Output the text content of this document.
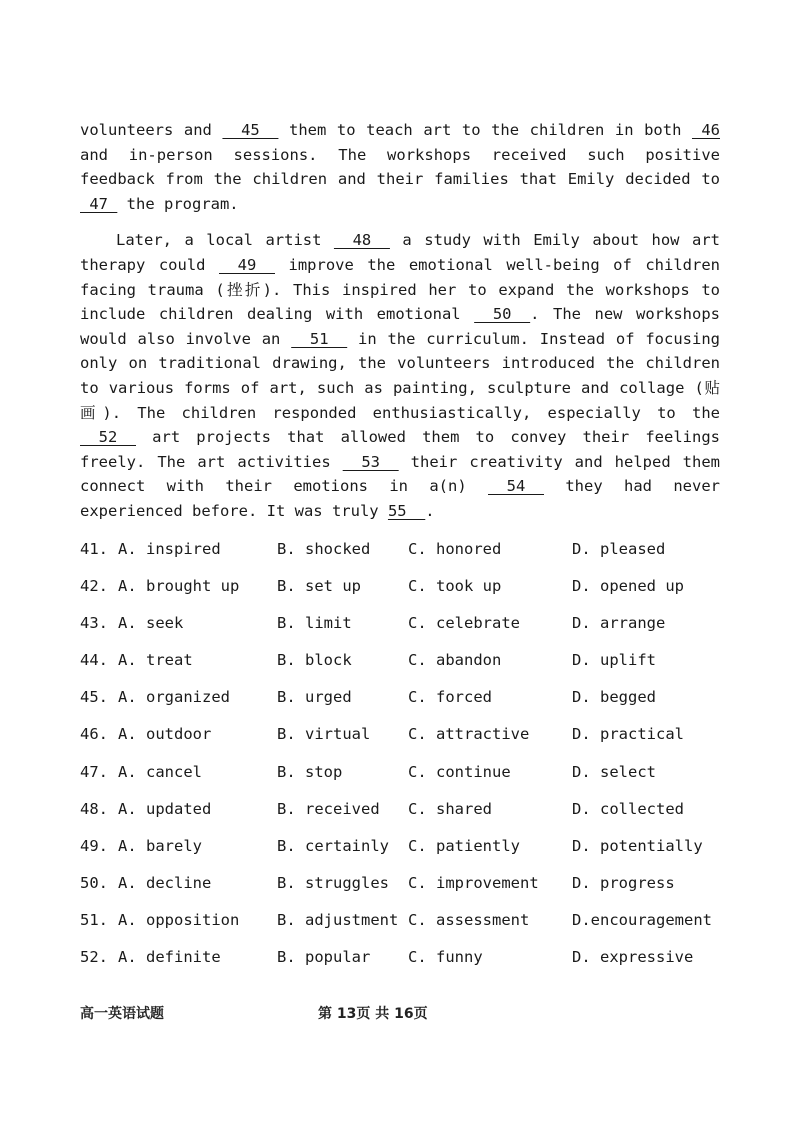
volunteers and   45   them to teach art to the children in both  46 and in-person sessions. The workshops received such positive feedback from the children and their families that Emily decided to  47  the program.

Later, a local artist   48   a study with Emily about how art therapy could   49   improve the emotional well-being of children facing trauma (挫折). This inspired her to expand the workshops to include children dealing with emotional   50  . The new workshops would also involve an   51   in the curriculum. Instead of focusing only on traditional drawing, the volunteers introduced the children to various forms of art, such as painting, sculpture and collage (贴画). The children responded enthusiastically, especially to the   52   art projects that allowed them to convey their feelings freely. The art activities   53   their creativity and helped them connect with their emotions in a(n)   54   they had never experienced before. It was truly 55  .

41. A. inspired	B. shocked C. honored	D. pleased
42. A. brought up B. set up	C. took up	D. opened up
43. A. seek	B. limit	C. celebrate	D. arrange
44. A. treat	B. block	C. abandon	D. uplift
45. A. organized	B. urged	C. forced	D. begged
46. A. outdoor	B. virtual C. attractive	D. practical
47. A. cancel	B. stop	C. continue	D. select
48. A. updated	B. received C. shared	D. collected
49. A. barely	B. certainly C. patiently	D. potentially
50. A. decline	B. struggles C. improvement D. progress
51. A. opposition B. adjustment C. assessment	D.encouragement
52. A. definite	B. popular C. funny	D. expressive
高一英语试题	第 13页 共 16页
